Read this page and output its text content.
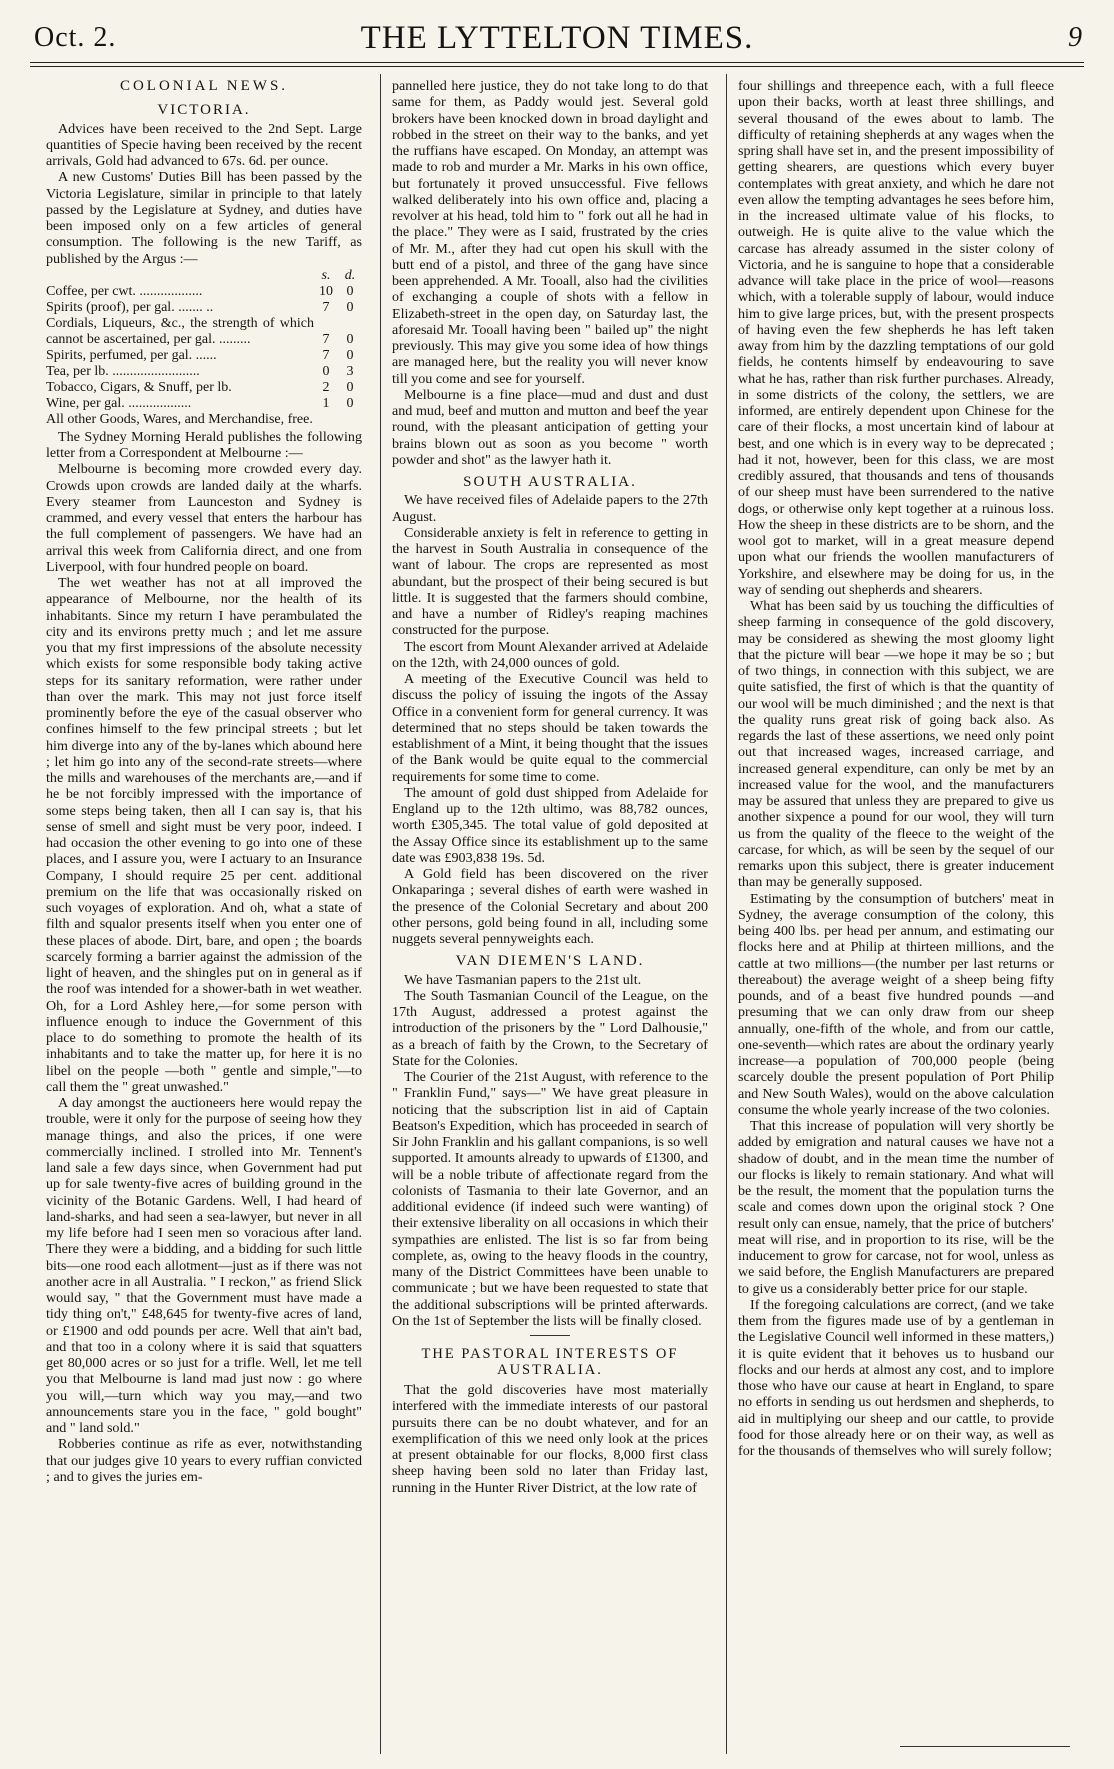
Oct. 2.	THE LYTTELTON TIMES.	9
COLONIAL NEWS.
VICTORIA.

Advices have been received to the 2nd Sept. Large quantities of Specie having been received by the recent arrivals, Gold had advanced to 67s. 6d. per ounce.

A new Customs' Duties Bill has been passed by the Victoria Legislature, similar in principle to that lately passed by the Legislature at Sydney, and duties have been imposed only on a few articles of general consumption. The following is the new Tariff, as published by the Argus :—

	s.	d.
Coffee, per cwt. ..................	10	0
Spirits (proof), per gal. ....... ..	7	0
Cordials, Liqueurs, &c., the strength of which cannot be ascertained, per gal. .........	7	0
Spirits, perfumed, per gal. ......	7	0
Tea, per lb. .........................	0	3
Tobacco, Cigars, & Snuff, per lb.	2	0
Wine, per gal. ..................	1	0
All other Goods, Wares, and Merchandise, free.		

The Sydney Morning Herald publishes the following letter from a Correspondent at Melbourne :—

Melbourne is becoming more crowded every day. Crowds upon crowds are landed daily at the wharfs. Every steamer from Launceston and Sydney is crammed, and every vessel that enters the harbour has the full complement of passengers. We have had an arrival this week from California direct, and one from Liverpool, with four hundred people on board.

The wet weather has not at all improved the appearance of Melbourne, nor the health of its inhabitants. Since my return I have perambulated the city and its environs pretty much ; and let me assure you that my first impressions of the absolute necessity which exists for some responsible body taking active steps for its sanitary reformation, were rather under than over the mark. This may not just force itself prominently before the eye of the casual observer who confines himself to the few principal streets ; but let him diverge into any of the by-lanes which abound here ; let him go into any of the second-rate streets—where the mills and warehouses of the merchants are,—and if he be not forcibly impressed with the importance of some steps being taken, then all I can say is, that his sense of smell and sight must be very poor, indeed. I had occasion the other evening to go into one of these places, and I assure you, were I actuary to an Insurance Company, I should require 25 per cent. additional premium on the life that was occasionally risked on such voyages of exploration. And oh, what a state of filth and squalor presents itself when you enter one of these places of abode. Dirt, bare, and open ; the boards scarcely forming a barrier against the admission of the light of heaven, and the shingles put on in general as if the roof was intended for a shower-bath in wet weather. Oh, for a Lord Ashley here,—for some person with influence enough to induce the Government of this place to do something to promote the health of its inhabitants and to take the matter up, for here it is no libel on the people —both " gentle and simple,"—to call them the " great unwashed."

A day amongst the auctioneers here would repay the trouble, were it only for the purpose of seeing how they manage things, and also the prices, if one were commercially inclined. I strolled into Mr. Tennent's land sale a few days since, when Government had put up for sale twenty-five acres of building ground in the vicinity of the Botanic Gardens. Well, I had heard of land-sharks, and had seen a sea-lawyer, but never in all my life before had I seen men so voracious after land. There they were a bidding, and a bidding for such little bits—one rood each allotment—just as if there was not another acre in all Australia. " I reckon," as friend Slick would say, " that the Government must have made a tidy thing on't," £48,645 for twenty-five acres of land, or £1900 and odd pounds per acre. Well that ain't bad, and that too in a colony where it is said that squatters get 80,000 acres or so just for a trifle. Well, let me tell you that Melbourne is land mad just now : go where you will,—turn which way you may,—and two announcements stare you in the face, " gold bought" and " land sold."

Robberies continue as rife as ever, notwithstanding that our judges give 10 years to every ruffian convicted ; and to gives the juries em-

pannelled here justice, they do not take long to do that same for them, as Paddy would jest. Several gold brokers have been knocked down in broad daylight and robbed in the street on their way to the banks, and yet the ruffians have escaped. On Monday, an attempt was made to rob and murder a Mr. Marks in his own office, but fortunately it proved unsuccessful. Five fellows walked deliberately into his own office and, placing a revolver at his head, told him to " fork out all he had in the place." They were as I said, frustrated by the cries of Mr. M., after they had cut open his skull with the butt end of a pistol, and three of the gang have since been apprehended. A Mr. Tooall, also had the civilities of exchanging a couple of shots with a fellow in Elizabeth-street in the open day, on Saturday last, the aforesaid Mr. Tooall having been " bailed up" the night previously. This may give you some idea of how things are managed here, but the reality you will never know till you come and see for yourself.

Melbourne is a fine place—mud and dust and dust and mud, beef and mutton and mutton and beef the year round, with the pleasant anticipation of getting your brains blown out as soon as you become " worth powder and shot" as the lawyer hath it.

SOUTH AUSTRALIA.

We have received files of Adelaide papers to the 27th August.

Considerable anxiety is felt in reference to getting in the harvest in South Australia in consequence of the want of labour. The crops are represented as most abundant, but the prospect of their being secured is but little. It is suggested that the farmers should combine, and have a number of Ridley's reaping machines constructed for the purpose.

The escort from Mount Alexander arrived at Adelaide on the 12th, with 24,000 ounces of gold.

A meeting of the Executive Council was held to discuss the policy of issuing the ingots of the Assay Office in a convenient form for general currency. It was determined that no steps should be taken towards the establishment of a Mint, it being thought that the issues of the Bank would be quite equal to the commercial requirements for some time to come.

The amount of gold dust shipped from Adelaide for England up to the 12th ultimo, was 88,782 ounces, worth £305,345. The total value of gold deposited at the Assay Office since its establishment up to the same date was £903,838 19s. 5d.

A Gold field has been discovered on the river Onkaparinga ; several dishes of earth were washed in the presence of the Colonial Secretary and about 200 other persons, gold being found in all, including some nuggets several pennyweights each.

VAN DIEMEN'S LAND.

We have Tasmanian papers to the 21st ult.

The South Tasmanian Council of the League, on the 17th August, addressed a protest against the introduction of the prisoners by the " Lord Dalhousie," as a breach of faith by the Crown, to the Secretary of State for the Colonies.

The Courier of the 21st August, with reference to the " Franklin Fund," says—" We have great pleasure in noticing that the subscription list in aid of Captain Beatson's Expedition, which has proceeded in search of Sir John Franklin and his gallant companions, is so well supported. It amounts already to upwards of £1300, and will be a noble tribute of affectionate regard from the colonists of Tasmania to their late Governor, and an additional evidence (if indeed such were wanting) of their extensive liberality on all occasions in which their sympathies are enlisted. The list is so far from being complete, as, owing to the heavy floods in the country, many of the District Committees have been unable to communicate ; but we have been requested to state that the additional subscriptions will be printed afterwards. On the 1st of September the lists will be finally closed.

THE PASTORAL INTERESTS OF AUSTRALIA.

That the gold discoveries have most materially interfered with the immediate interests of our pastoral pursuits there can be no doubt whatever, and for an exemplification of this we need only look at the prices at present obtainable for our flocks, 8,000 first class sheep having been sold no later than Friday last, running in the Hunter River District, at the low rate of

four shillings and threepence each, with a full fleece upon their backs, worth at least three shillings, and several thousand of the ewes about to lamb. The difficulty of retaining shepherds at any wages when the spring shall have set in, and the present impossibility of getting shearers, are questions which every buyer contemplates with great anxiety, and which he dare not even allow the tempting advantages he sees before him, in the increased ultimate value of his flocks, to outweigh. He is quite alive to the value which the carcase has already assumed in the sister colony of Victoria, and he is sanguine to hope that a considerable advance will take place in the price of wool—reasons which, with a tolerable supply of labour, would induce him to give large prices, but, with the present prospects of having even the few shepherds he has left taken away from him by the dazzling temptations of our gold fields, he contents himself by endeavouring to save what he has, rather than risk further purchases. Already, in some districts of the colony, the settlers, we are informed, are entirely dependent upon Chinese for the care of their flocks, a most uncertain kind of labour at best, and one which is in every way to be deprecated ; had it not, however, been for this class, we are most credibly assured, that thousands and tens of thousands of our sheep must have been surrendered to the native dogs, or otherwise only kept together at a ruinous loss. How the sheep in these districts are to be shorn, and the wool got to market, will in a great measure depend upon what our friends the woollen manufacturers of Yorkshire, and elsewhere may be doing for us, in the way of sending out shepherds and shearers.

What has been said by us touching the difficulties of sheep farming in consequence of the gold discovery, may be considered as shewing the most gloomy light that the picture will bear —we hope it may be so ; but of two things, in connection with this subject, we are quite satisfied, the first of which is that the quantity of our wool will be much diminished ; and the next is that the quality runs great risk of going back also. As regards the last of these assertions, we need only point out that increased wages, increased carriage, and increased general expenditure, can only be met by an increased value for the wool, and the manufacturers may be assured that unless they are prepared to give us another sixpence a pound for our wool, they will turn us from the quality of the fleece to the weight of the carcase, for which, as will be seen by the sequel of our remarks upon this subject, there is greater inducement than may be generally supposed.

Estimating by the consumption of butchers' meat in Sydney, the average consumption of the colony, this being 400 lbs. per head per annum, and estimating our flocks here and at Philip at thirteen millions, and the cattle at two millions—(the number per last returns or thereabout) the average weight of a sheep being fifty pounds, and of a beast five hundred pounds —and presuming that we can only draw from our sheep annually, one-fifth of the whole, and from our cattle, one-seventh—which rates are about the ordinary yearly increase—a population of 700,000 people (being scarcely double the present population of Port Philip and New South Wales), would on the above calculation consume the whole yearly increase of the two colonies.

That this increase of population will very shortly be added by emigration and natural causes we have not a shadow of doubt, and in the mean time the number of our flocks is likely to remain stationary. And what will be the result, the moment that the population turns the scale and comes down upon the original stock ? One result only can ensue, namely, that the price of butchers' meat will rise, and in proportion to its rise, will be the inducement to grow for carcase, not for wool, unless as we said before, the English Manufacturers are prepared to give us a considerably better price for our staple.

If the foregoing calculations are correct, (and we take them from the figures made use of by a gentleman in the Legislative Council well informed in these matters,) it is quite evident that it behoves us to husband our flocks and our herds at almost any cost, and to implore those who have our cause at heart in England, to spare no efforts in sending us out herdsmen and shepherds, to aid in multiplying our sheep and our cattle, to provide food for those already here or on their way, as well as for the thousands of themselves who will surely follow;
